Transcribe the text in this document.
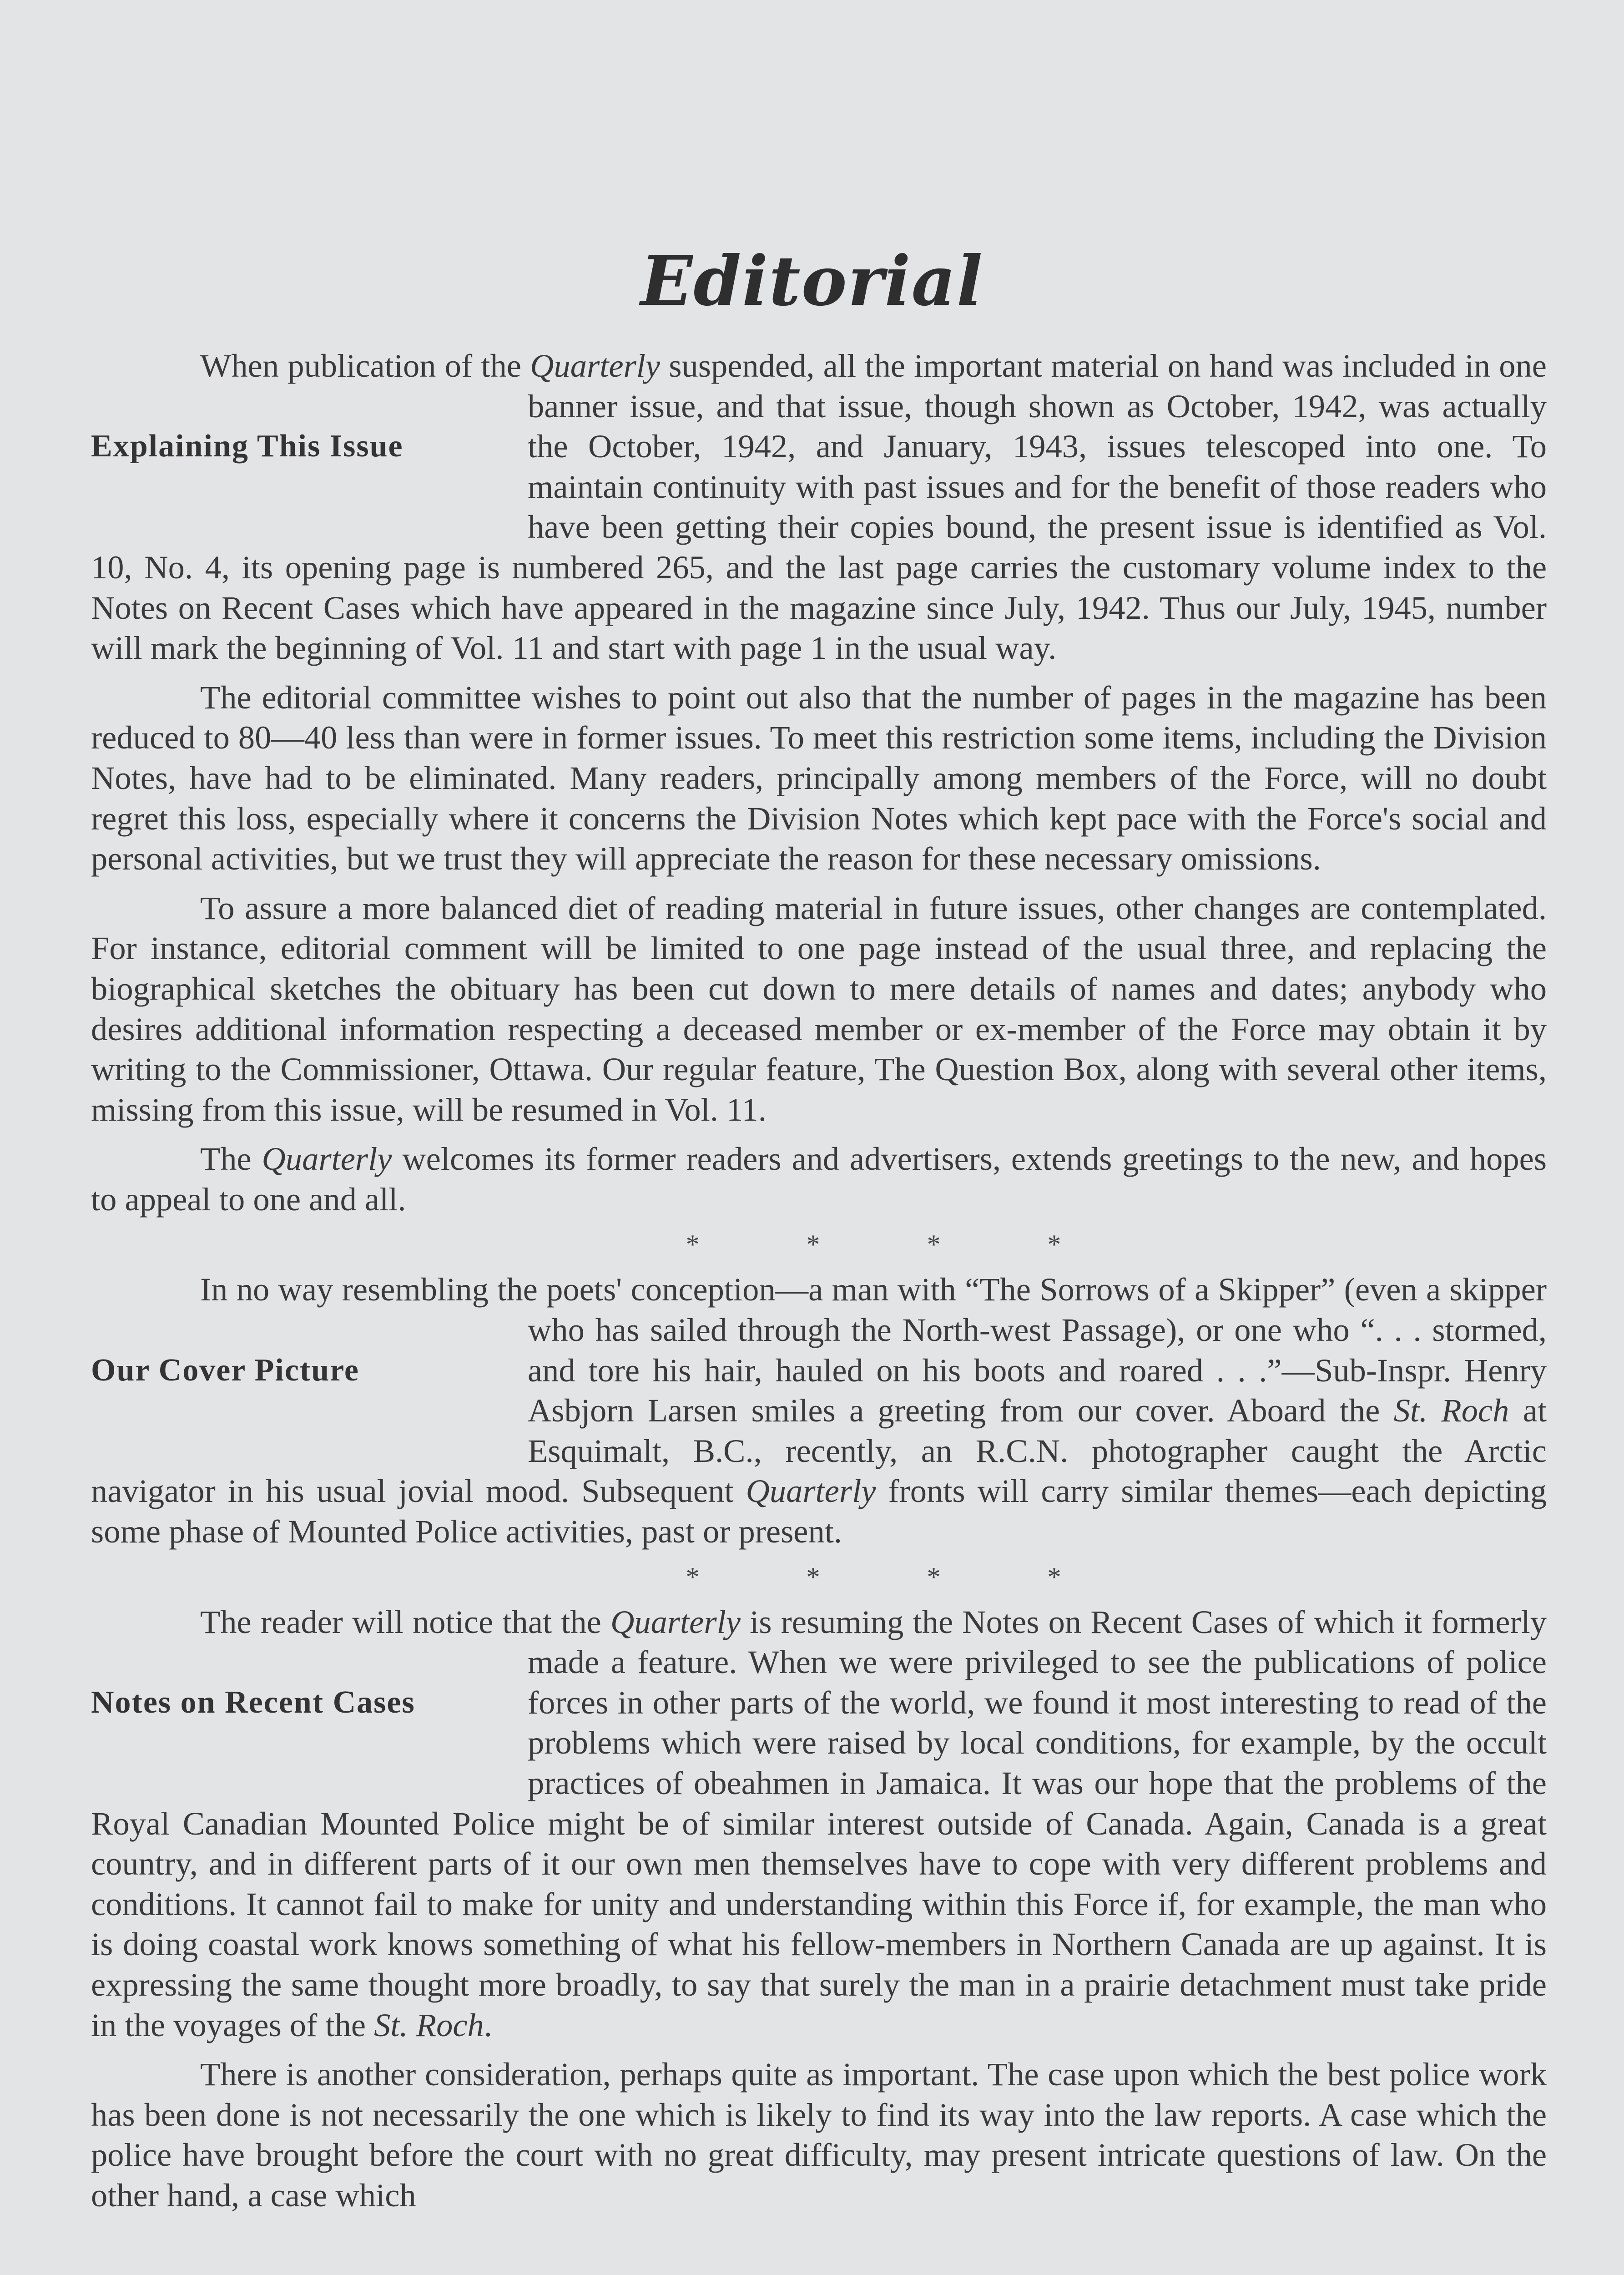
Editorial

When publication of the Quarterly suspended, all the important material on hand was included in one banner issue, and that issue, though shown as October, 1942, was
Explaining This Issue
actually the October, 1942, and January, 1943, issues telescoped into one. To maintain continuity with past issues and for the benefit of those readers who have been getting their copies bound, the present issue is identified as Vol. 10, No. 4, its opening page is numbered 265, and the last page carries the customary volume index to the Notes on Recent Cases which have appeared in the magazine since July, 1942. Thus our July, 1945, number will mark the beginning of Vol. 11 and start with page 1 in the usual way.

The editorial committee wishes to point out also that the number of pages in the magazine has been reduced to 80—40 less than were in former issues. To meet this restriction some items, including the Division Notes, have had to be eliminated. Many readers, principally among members of the Force, will no doubt regret this loss, especially where it concerns the Division Notes which kept pace with the Force's social and personal activities, but we trust they will appreciate the reason for these necessary omissions.

To assure a more balanced diet of reading material in future issues, other changes are contemplated. For instance, editorial comment will be limited to one page instead of the usual three, and replacing the biographical sketches the obituary has been cut down to mere details of names and dates; anybody who desires additional information respecting a deceased member or ex-member of the Force may obtain it by writing to the Commissioner, Ottawa. Our regular feature, The Question Box, along with several other items, missing from this issue, will be resumed in Vol. 11.

The Quarterly welcomes its former readers and advertisers, extends greetings to the new, and hopes to appeal to one and all.

* * * *

In no way resembling the poets' conception—a man with “The Sorrows of a Skipper” (even a skipper who has sailed through the North-west Passage), or one who
Our Cover Picture
“. . . stormed, and tore his hair, hauled on his boots and roared . . .”—Sub-Inspr. Henry Asbjorn Larsen smiles a greeting from our cover. Aboard the St. Roch at Esquimalt, B.C., recently, an R.C.N. photographer caught the Arctic navigator in his usual jovial mood. Subsequent Quarterly fronts will carry similar themes—each depicting some phase of Mounted Police activities, past or present.

* * * *

The reader will notice that the Quarterly is resuming the Notes on Recent Cases of which it formerly made a feature. When we were privileged to see the publications of
Notes on Recent Cases
police forces in other parts of the world, we found it most interesting to read of the problems which were raised by local conditions, for example, by the occult practices of obeahmen in Jamaica. It was our hope that the problems of the Royal Canadian Mounted Police might be of similar interest outside of Canada. Again, Canada is a great country, and in different parts of it our own men themselves have to cope with very different problems and conditions. It cannot fail to make for unity and understanding within this Force if, for example, the man who is doing coastal work knows something of what his fellow-members in Northern Canada are up against. It is expressing the same thought more broadly, to say that surely the man in a prairie detachment must take pride in the voyages of the St. Roch.

There is another consideration, perhaps quite as important. The case upon which the best police work has been done is not necessarily the one which is likely to find its way into the law reports. A case which the police have brought before the court with no great difficulty, may present intricate questions of law. On the other hand, a case which
